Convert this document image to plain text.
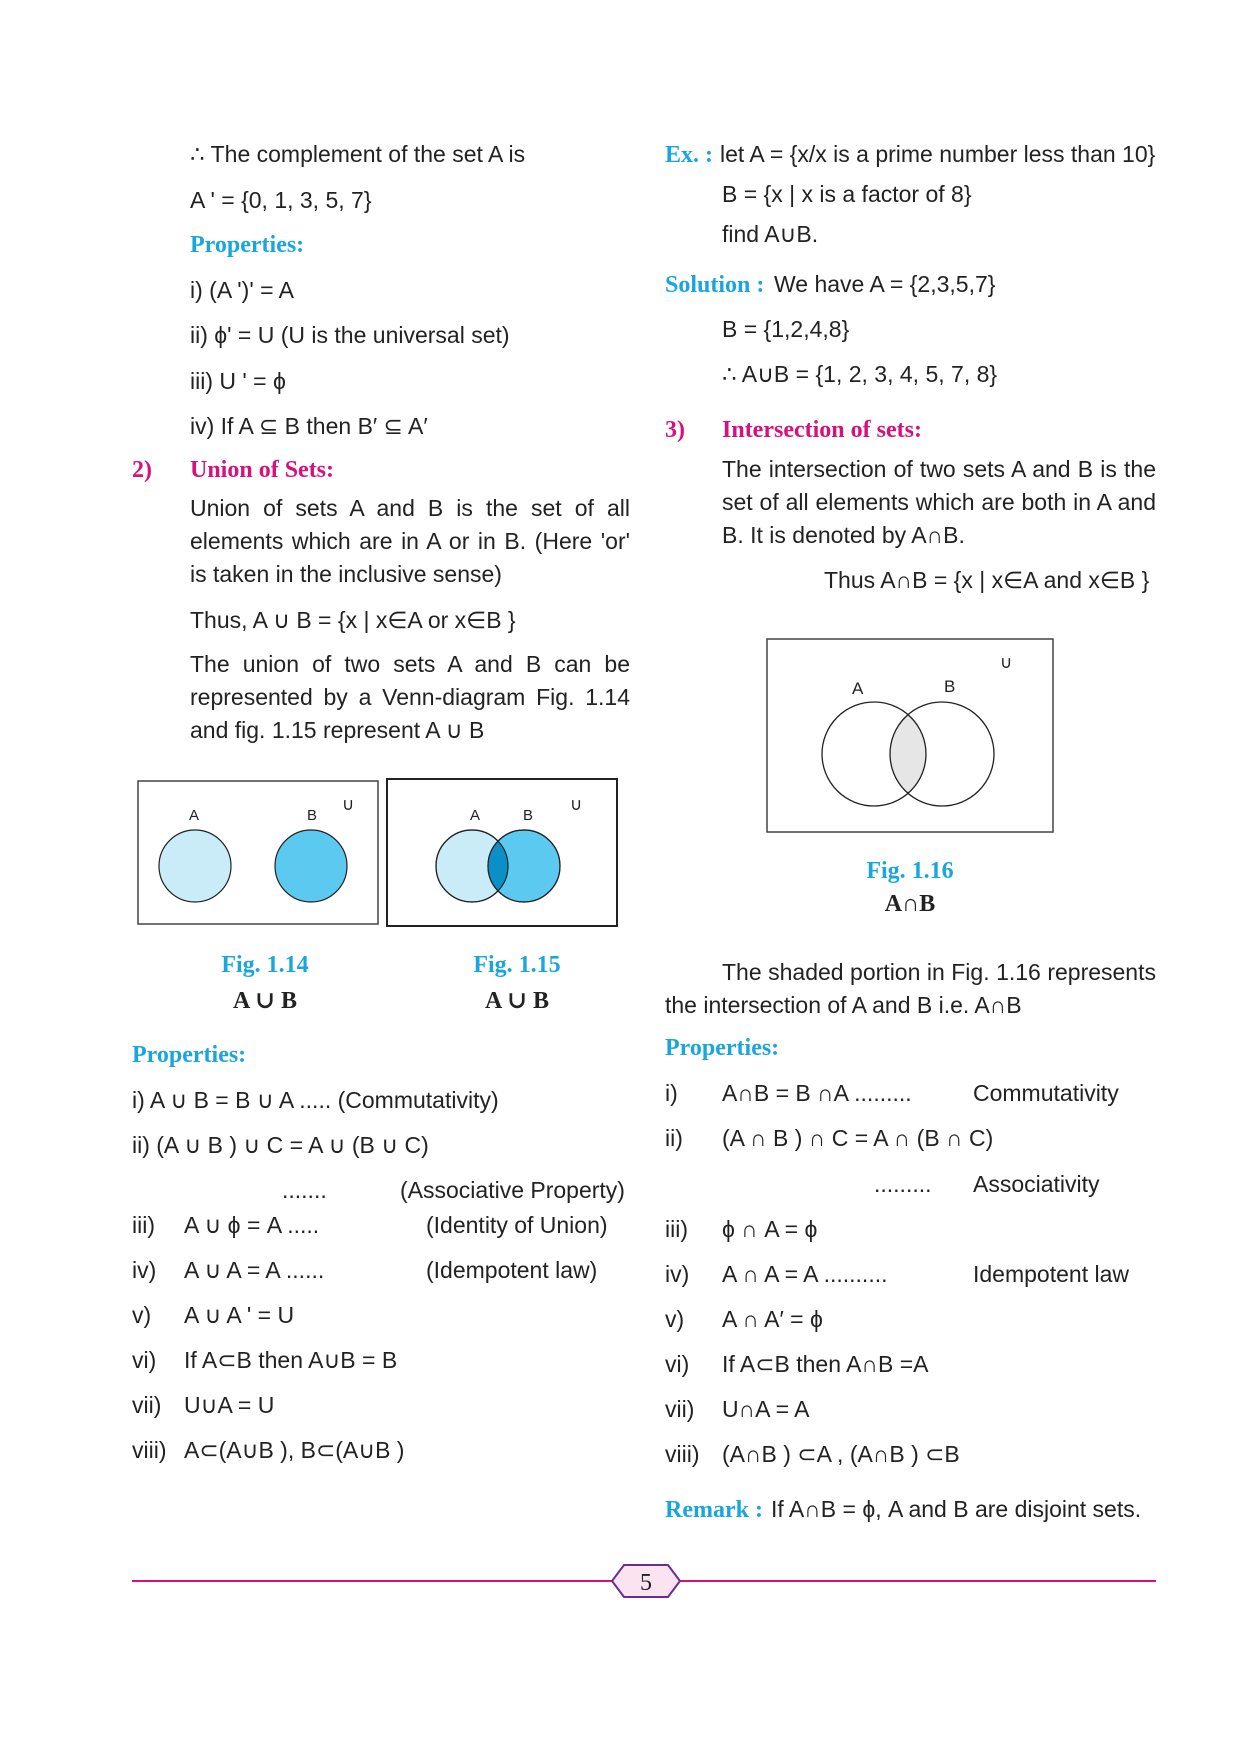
∴ The complement of the set A is
A ' = {0, 1, 3, 5, 7}
Properties:
i) (A ')' = A
ii) ϕ' = U (U is the universal set)
iii) U ' = ϕ
iv) If A ⊆ B then B′ ⊆ A′
2) Union of Sets:
Union of sets A and B is the set of all elements which are in A or in B. (Here 'or' is taken in the inclusive sense)
Thus, A ∪ B = {x | x∈A or x∈B }
The union of two sets A and B can be represented by a Venn-diagram Fig. 1.14 and fig. 1.15 represent A ∪ B
A	B
∪
A	B
∪
Fig. 1.14
A ∪ B
Fig. 1.15
A ∪ B
Properties:
i) A ∪ B = B ∪ A ..... (Commutativity)
ii) (A ∪ B ) ∪ C = A ∪ (B ∪ C)
.......	(Associative Property)
iii) A ∪ ϕ = A .....	(Identity of Union)
iv) A ∪ A = A ......	(Idempotent law)
v) A ∪ A ' = U
vi) If A⊂B then A∪B = B
vii) U∪A = U
viii) A⊂(A∪B ), B⊂(A∪B )
Ex. : let A = {x/x is a prime number less than 10}
B = {x | x is a factor of 8}
find A∪B.
Solution : We have A = {2,3,5,7}
B = {1,2,4,8}
∴ A∪B = {1, 2, 3, 4, 5, 7, 8}
3) Intersection of sets:
The intersection of two sets A and B is the set of all elements which are both in A and B. It is denoted by A∩B.
Thus A∩B = {x | x∈A and x∈B }
A	B
∪
Fig. 1.16
A∩B
The shaded portion in Fig. 1.16 represents the intersection of A and B i.e. A∩B
Properties:
i) A∩B = B ∩A .........	Commutativity
ii) (A ∩ B ) ∩ C = A ∩ (B ∩ C)
......... Associativity
iii) ϕ ∩ A = ϕ
iv) A ∩ A = A ..........	Idempotent law
v) A ∩ A′ = ϕ
vi) If A⊂B then A∩B =A
vii) U∩A = A
viii) (A∩B ) ⊂A , (A∩B ) ⊂B
Remark : If A∩B = ϕ, A and B are disjoint sets.
5
